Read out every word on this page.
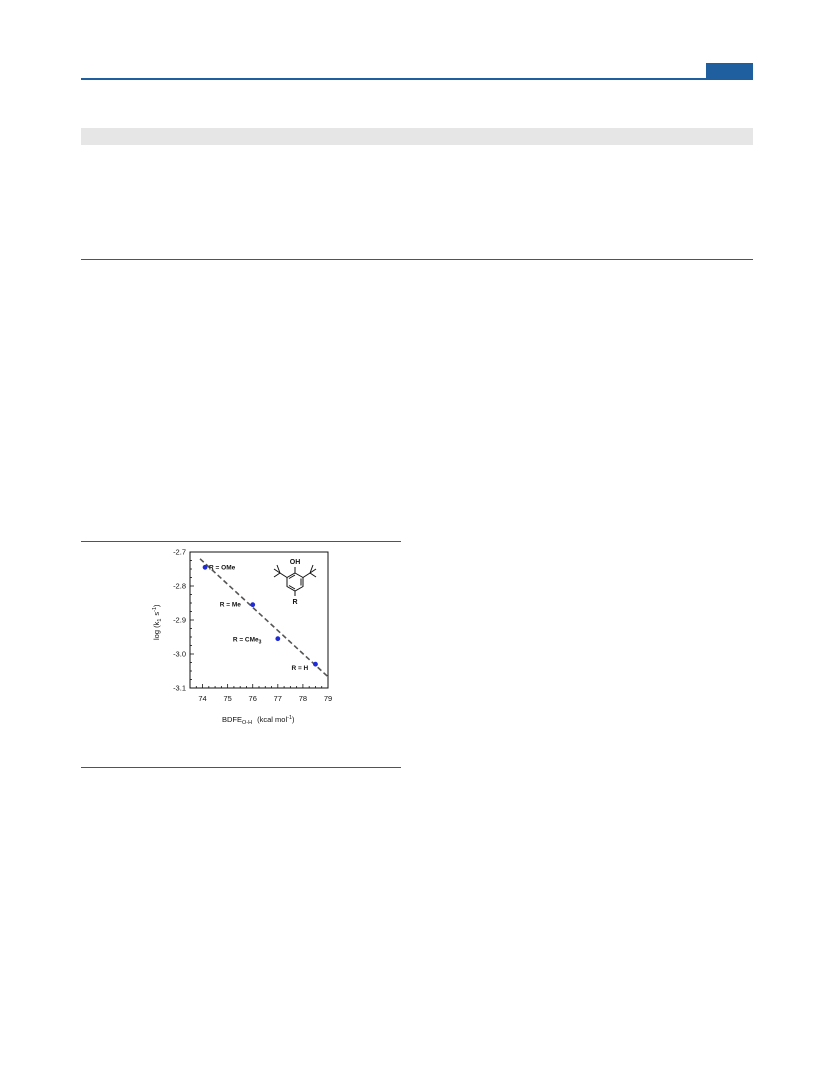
74 75 76 77 78 79
-2.7
-2.8
-2.9
-3.0
-3.1
R = OMe
R = Me
R = CMe$_3$
R = H
$BDFE_{O-H}$ (kcal mol$^{-1}$)
$\log (k_1s^{-1})$
OH
R
